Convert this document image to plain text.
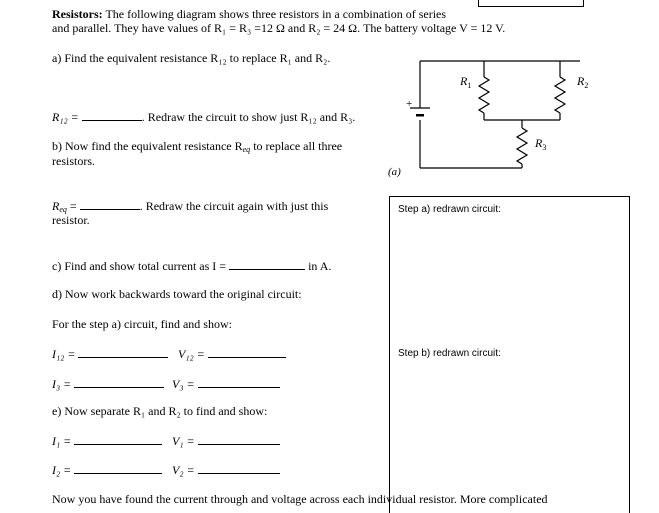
Resistors: The following diagram shows three resistors in a combination of series
and parallel. They have values of R₁ = R₃ =12 Ω and R₂ = 24 Ω. The battery voltage V = 12 V.
a) Find the equivalent resistance R₁₂ to replace R₁ and R₂.
R₁₂ =	. Redraw the circuit to show just R₁₂ and R₃.
b) Now find the equivalent resistance $R_{eq}$ to replace all three
resistors.
$R_{eq}$ =	. Redraw the circuit again with just this
resistor.
c) Find and show total current as I =	in A.
d) Now work backwards toward the original circuit:
For the step a) circuit, find and show:
I₁₂ =	V₁₂ =
I₃ =	V₃ =
e) Now separate R₁ and R₂ to find and show:
I₁ =	V₁ =
I₂ =	V₂ =
Now you have found the current through and voltage across each individual resistor. More complicated
+
$R_1$	$R_2$
$R_3$
(a)
Step a) redrawn circuit:
Step b) redrawn circuit:
